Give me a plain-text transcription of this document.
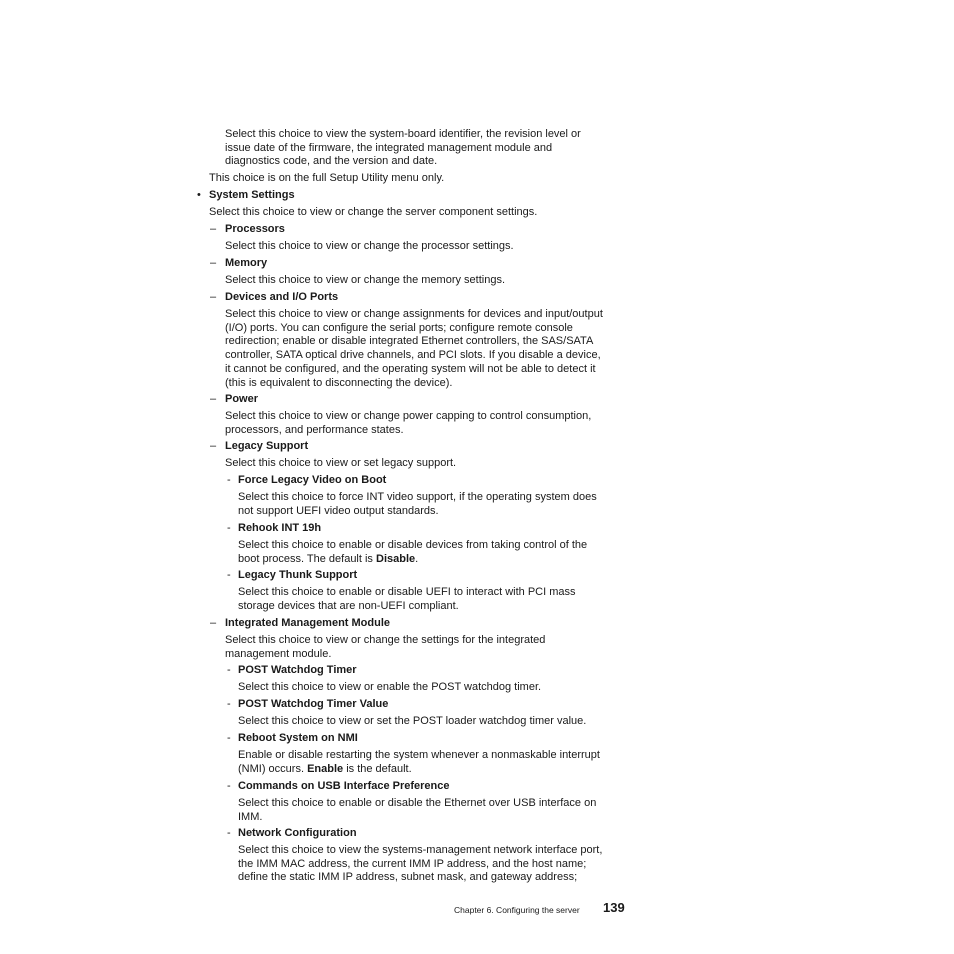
Select this choice to view the system-board identifier, the revision level or
issue date of the firmware, the integrated management module and
diagnostics code, and the version and date.
This choice is on the full Setup Utility menu only.
• System Settings
Select this choice to view or change the server component settings.
– Processors
Select this choice to view or change the processor settings.
– Memory
Select this choice to view or change the memory settings.
– Devices and I/O Ports
Select this choice to view or change assignments for devices and input/output
(I/O) ports. You can configure the serial ports; configure remote console
redirection; enable or disable integrated Ethernet controllers, the SAS/SATA
controller, SATA optical drive channels, and PCI slots. If you disable a device,
it cannot be configured, and the operating system will not be able to detect it
(this is equivalent to disconnecting the device).
– Power
Select this choice to view or change power capping to control consumption,
processors, and performance states.
– Legacy Support
Select this choice to view or set legacy support.
- Force Legacy Video on Boot
Select this choice to force INT video support, if the operating system does
not support UEFI video output standards.
- Rehook INT 19h
Select this choice to enable or disable devices from taking control of the
boot process. The default is Disable.
- Legacy Thunk Support
Select this choice to enable or disable UEFI to interact with PCI mass
storage devices that are non-UEFI compliant.
– Integrated Management Module
Select this choice to view or change the settings for the integrated
management module.
- POST Watchdog Timer
Select this choice to view or enable the POST watchdog timer.
- POST Watchdog Timer Value
Select this choice to view or set the POST loader watchdog timer value.
- Reboot System on NMI
Enable or disable restarting the system whenever a nonmaskable interrupt
(NMI) occurs. Enable is the default.
- Commands on USB Interface Preference
Select this choice to enable or disable the Ethernet over USB interface on
IMM.
- Network Configuration
Select this choice to view the systems-management network interface port,
the IMM MAC address, the current IMM IP address, and the host name;
define the static IMM IP address, subnet mask, and gateway address;
Chapter 6. Configuring the server 139
